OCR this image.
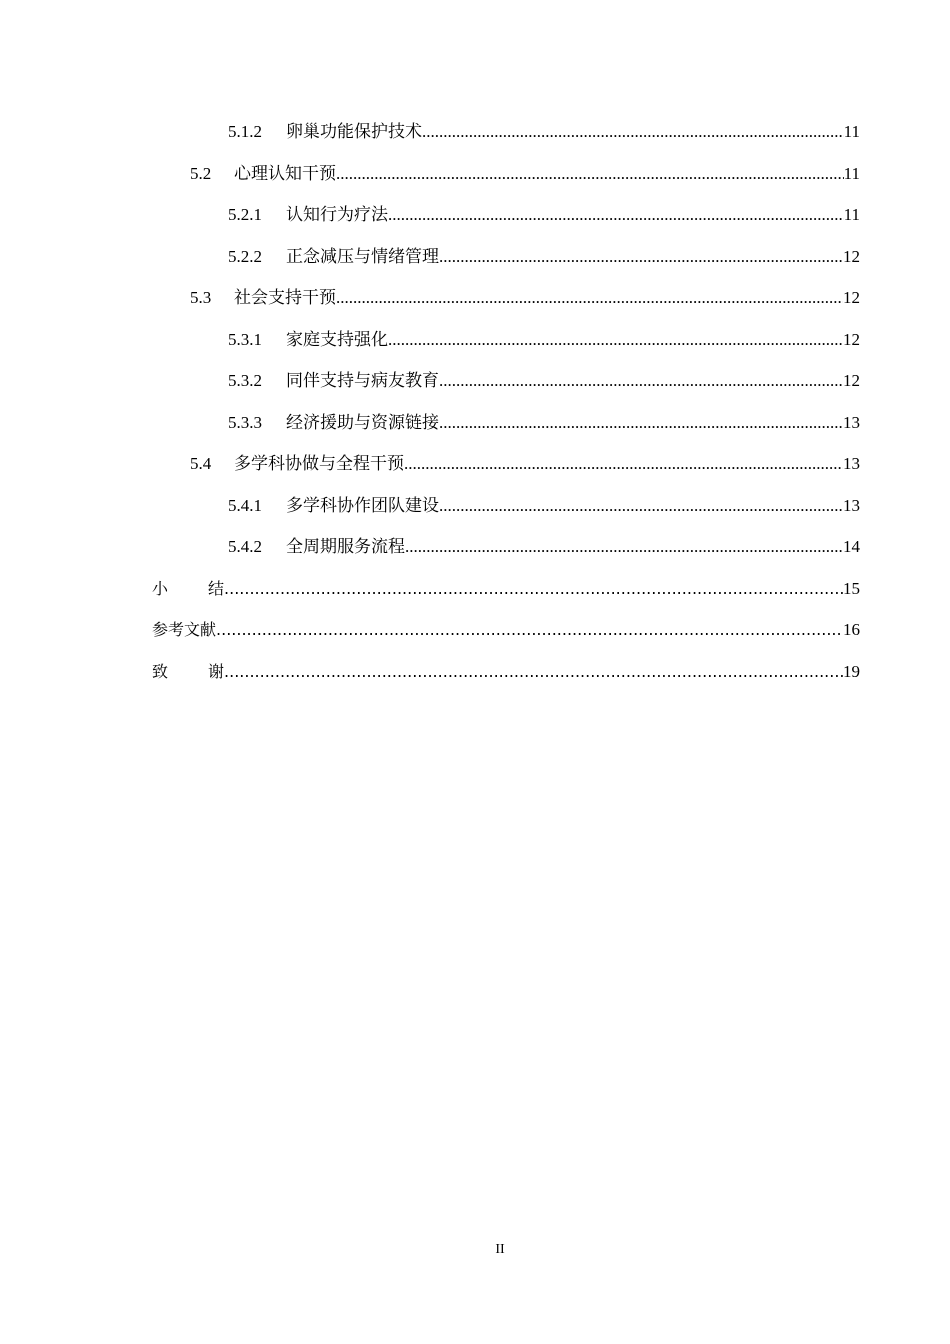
5.1.2	卵巢功能保护技术 .....	11
5.2	心理认知干预 .....	11
5.2.1	认知行为疗法 .....	11
5.2.2	正念减压与情绪管理 .....	12
5.3	社会支持干预 .....	12
5.3.1	家庭支持强化 .....	12
5.3.2	同伴支持与病友教育 .....	12
5.3.3	经济援助与资源链接 .....	13
5.4	多学科协做与全程干预 .....	13
5.4.1	多学科协作团队建设 .....	13
5.4.2	全周期服务流程 .....	14
小 结 .....	15
参考文献 .....	16
致 谢 .....	19
II
